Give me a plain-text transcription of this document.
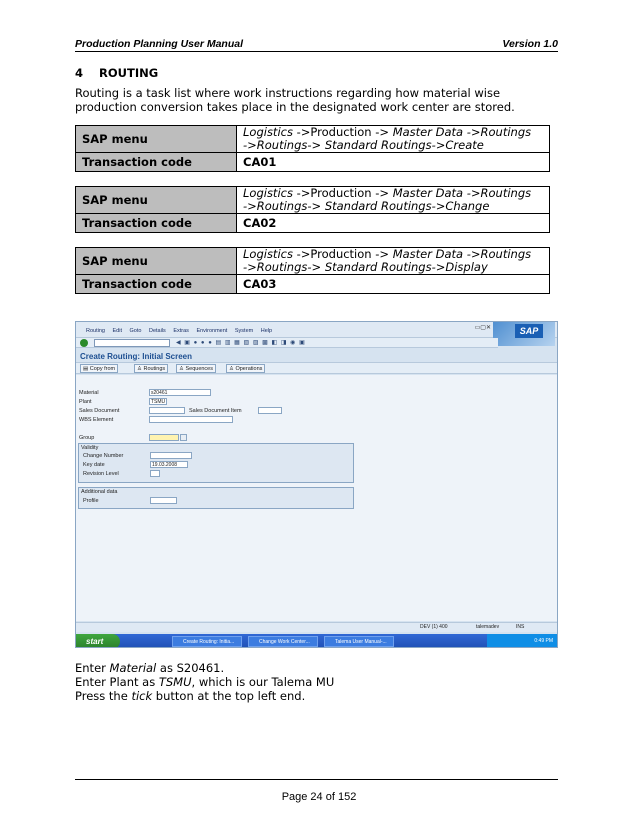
Production Planning User Manual	Version 1.0
4 ROUTING
Routing is a task list where work instructions regarding how material wise
production conversion takes place in the designated work center are stored.
SAP menu	Logistics ->Production -> Master Data ->Routings
->Routings-> Standard Routings->Create
Transaction code	CA01
SAP menu	Logistics ->Production -> Master Data ->Routings
->Routings-> Standard Routings->Change
Transaction code	CA02
SAP menu	Logistics ->Production -> Master Data ->Routings
->Routings-> Standard Routings->Display
Transaction code	CA03
Routing Edit Goto Details Extras Environment System Help	▭▢✕	SAP
◀ ▣ ● ● ● ▤ ▥ ▦ ▧ ▨ ▩ ◧ ◨ ◉ ▣
Create Routing: Initial Screen
▤ Copy from	♙ Routings	♙ Sequences	♙ Operations
Material	s20461
Plant	TSMU
Sales Document	Sales Document Item
WBS Element
Group
Validity
Change Number
Key date	19.03.2008
Revision Level
Additional data
Profile
DEV (1) 400	talemadev	INS
start	Create Routing: Initia...	Change Work Center...	Talema User Manual-...	0:49 PM
Enter Material as S20461.
Enter Plant as TSMU, which is our Talema MU
Press the tick button at the top left end.
Page 24 of 152
